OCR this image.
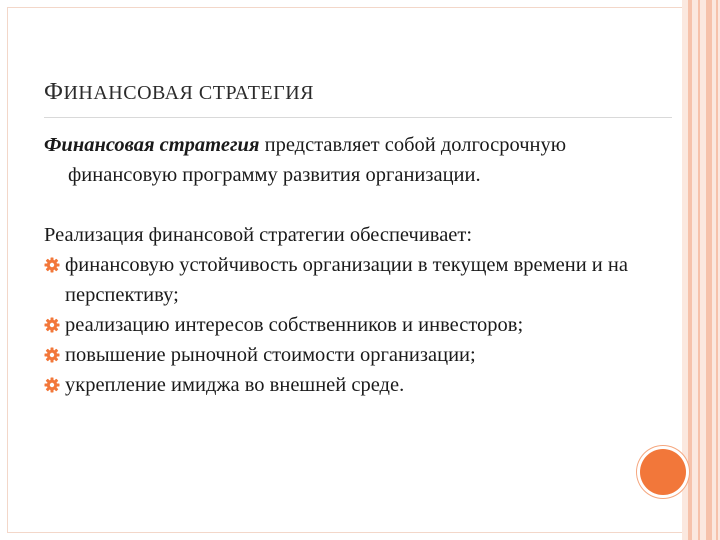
ФИНАНСОВАЯ СТРАТЕГИЯ

Финансовая стратегия представляет собой долгосрочную финансовую программу развития организации.

Реализация финансовой стратегии обеспечивает:

финансовую устойчивость организации в текущем времени и на перспективу;
реализацию интересов собственников и инвесторов;
повышение рыночной стоимости организации;
укрепление имиджа во внешней среде.
